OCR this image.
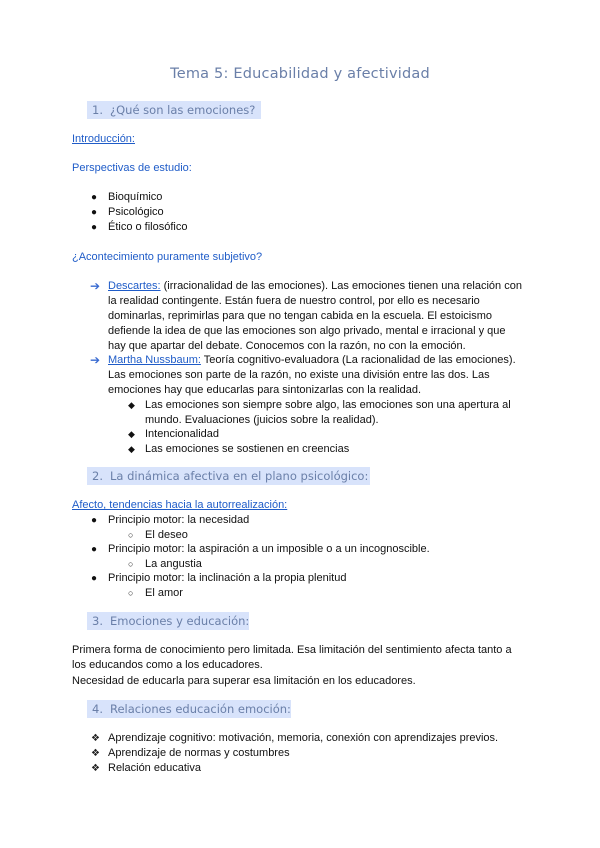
Tema 5: Educabilidad y afectividad
1. ¿Qué son las emociones?
Introducción:
Perspectivas de estudio:
● Bioquímico
● Psicológico
● Ético o filosófico
¿Acontecimiento puramente subjetivo?
➔ Descartes: (irracionalidad de las emociones). Las emociones tienen una relación con
la realidad contingente. Están fuera de nuestro control, por ello es necesario
dominarlas, reprimirlas para que no tengan cabida en la escuela. El estoicismo
defiende la idea de que las emociones son algo privado, mental e irracional y que
hay que apartar del debate. Conocemos con la razón, no con la emoción.
➔ Martha Nussbaum: Teoría cognitivo-evaluadora (La racionalidad de las emociones).
Las emociones son parte de la razón, no existe una división entre las dos. Las
emociones hay que educarlas para sintonizarlas con la realidad.
◆ Las emociones son siempre sobre algo, las emociones son una apertura al
mundo. Evaluaciones (juicios sobre la realidad).
◆ Intencionalidad
◆ Las emociones se sostienen en creencias
2. La dinámica afectiva en el plano psicológico:
Afecto, tendencias hacia la autorrealización:
● Principio motor: la necesidad
○ El deseo
● Principio motor: la aspiración a un imposible o a un incognoscible.
○ La angustia
● Principio motor: la inclinación a la propia plenitud
○ El amor
3. Emociones y educación:
Primera forma de conocimiento pero limitada. Esa limitación del sentimiento afecta tanto a
los educandos como a los educadores.
Necesidad de educarla para superar esa limitación en los educadores.
4. Relaciones educación emoción:
❖ Aprendizaje cognitivo: motivación, memoria, conexión con aprendizajes previos.
❖ Aprendizaje de normas y costumbres
❖ Relación educativa
